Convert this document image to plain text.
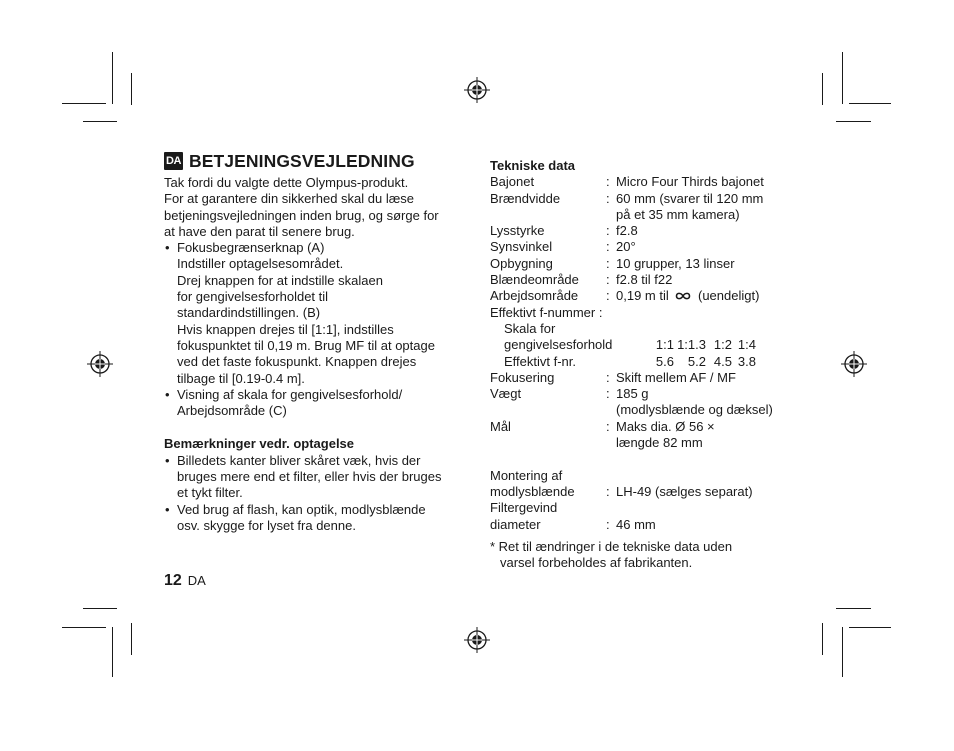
DA BETJENINGSVEJLEDNING
Tak fordi du valgte dette Olympus-produkt.
For at garantere din sikkerhed skal du læse
betjeningsvejledningen inden brug, og sørge for
at have den parat til senere brug.
• Fokusbegrænserknap (A)
Indstiller optagelsesområdet.
Drej knappen for at indstille skalaen
for gengivelsesforholdet til
standardindstillingen. (B)
Hvis knappen drejes til [1:1], indstilles
fokuspunktet til 0,19 m. Brug MF til at optage
ved det faste fokuspunkt. Knappen drejes
tilbage til [0.19-0.4 m].
• Visning af skala for gengivelsesforhold/
Arbejdsområde (C)
Bemærkninger vedr. optagelse
• Billedets kanter bliver skåret væk, hvis der
bruges mere end et filter, eller hvis der bruges
et tykt filter.
• Ved brug af flash, kan optik, modlysblænde
osv. skygge for lyset fra denne.
Tekniske data
Bajonet	: Micro Four Thirds bajonet
Brændvidde	: 60 mm (svarer til 120 mm
på et 35 mm kamera)
Lysstyrke	: f2.8
Synsvinkel	: 20°
Opbygning	: 10 grupper, 13 linser
Blændeområde	: f2.8 til f22
Arbejdsområde	: 0,19 m til (uendeligt)
Effektivt f-nummer :
Skala for
gengivelsesforhold	1:1 1:1.3 1:2 1:4
Effektivt f-nr.	5.6	5.2 4.5 3.8
Fokusering	: Skift mellem AF / MF
Vægt	: 185 g
(modlysblænde og dæksel)
Mål	: Maks dia. Ø 56 ×
længde 82 mm
Montering af
modlysblænde	: LH-49 (sælges separat)
Filtergevind
diameter	: 46 mm
* Ret til ændringer i de tekniske data uden
varsel forbeholdes af fabrikanten.
12 DA
